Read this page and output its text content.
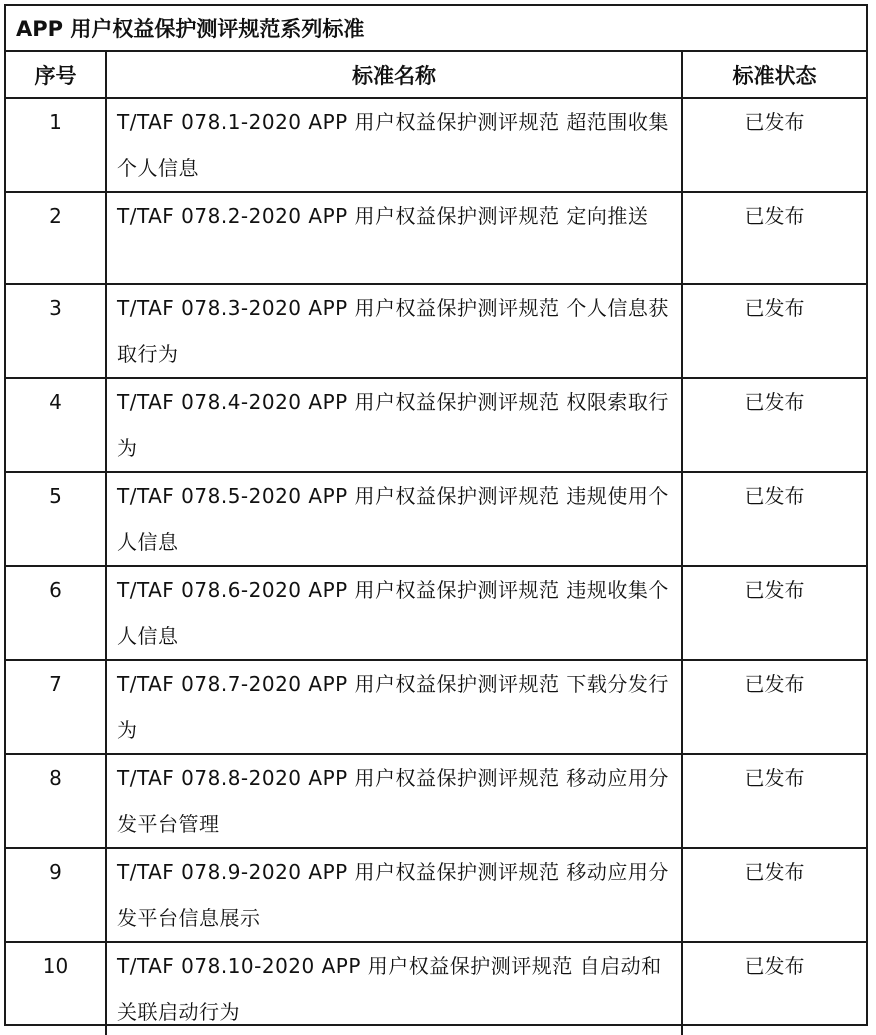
APP 用户权益保护测评规范系列标准
序号	标准名称	标准状态
1	T/TAF 078.1-2020 APP 用户权益保护测评规范 超范围收集个人信息	已发布
2	T/TAF 078.2-2020 APP 用户权益保护测评规范 定向推送	已发布
3	T/TAF 078.3-2020 APP 用户权益保护测评规范 个人信息获取行为	已发布
4	T/TAF 078.4-2020 APP 用户权益保护测评规范 权限索取行为	已发布
5	T/TAF 078.5-2020 APP 用户权益保护测评规范 违规使用个人信息	已发布
6	T/TAF 078.6-2020 APP 用户权益保护测评规范 违规收集个人信息	已发布
7	T/TAF 078.7-2020 APP 用户权益保护测评规范 下载分发行为	已发布
8	T/TAF 078.8-2020 APP 用户权益保护测评规范 移动应用分发平台管理	已发布
9	T/TAF 078.9-2020 APP 用户权益保护测评规范 移动应用分发平台信息展示	已发布
10	T/TAF 078.10-2020 APP 用户权益保护测评规范 自启动和关联启动行为	已发布
